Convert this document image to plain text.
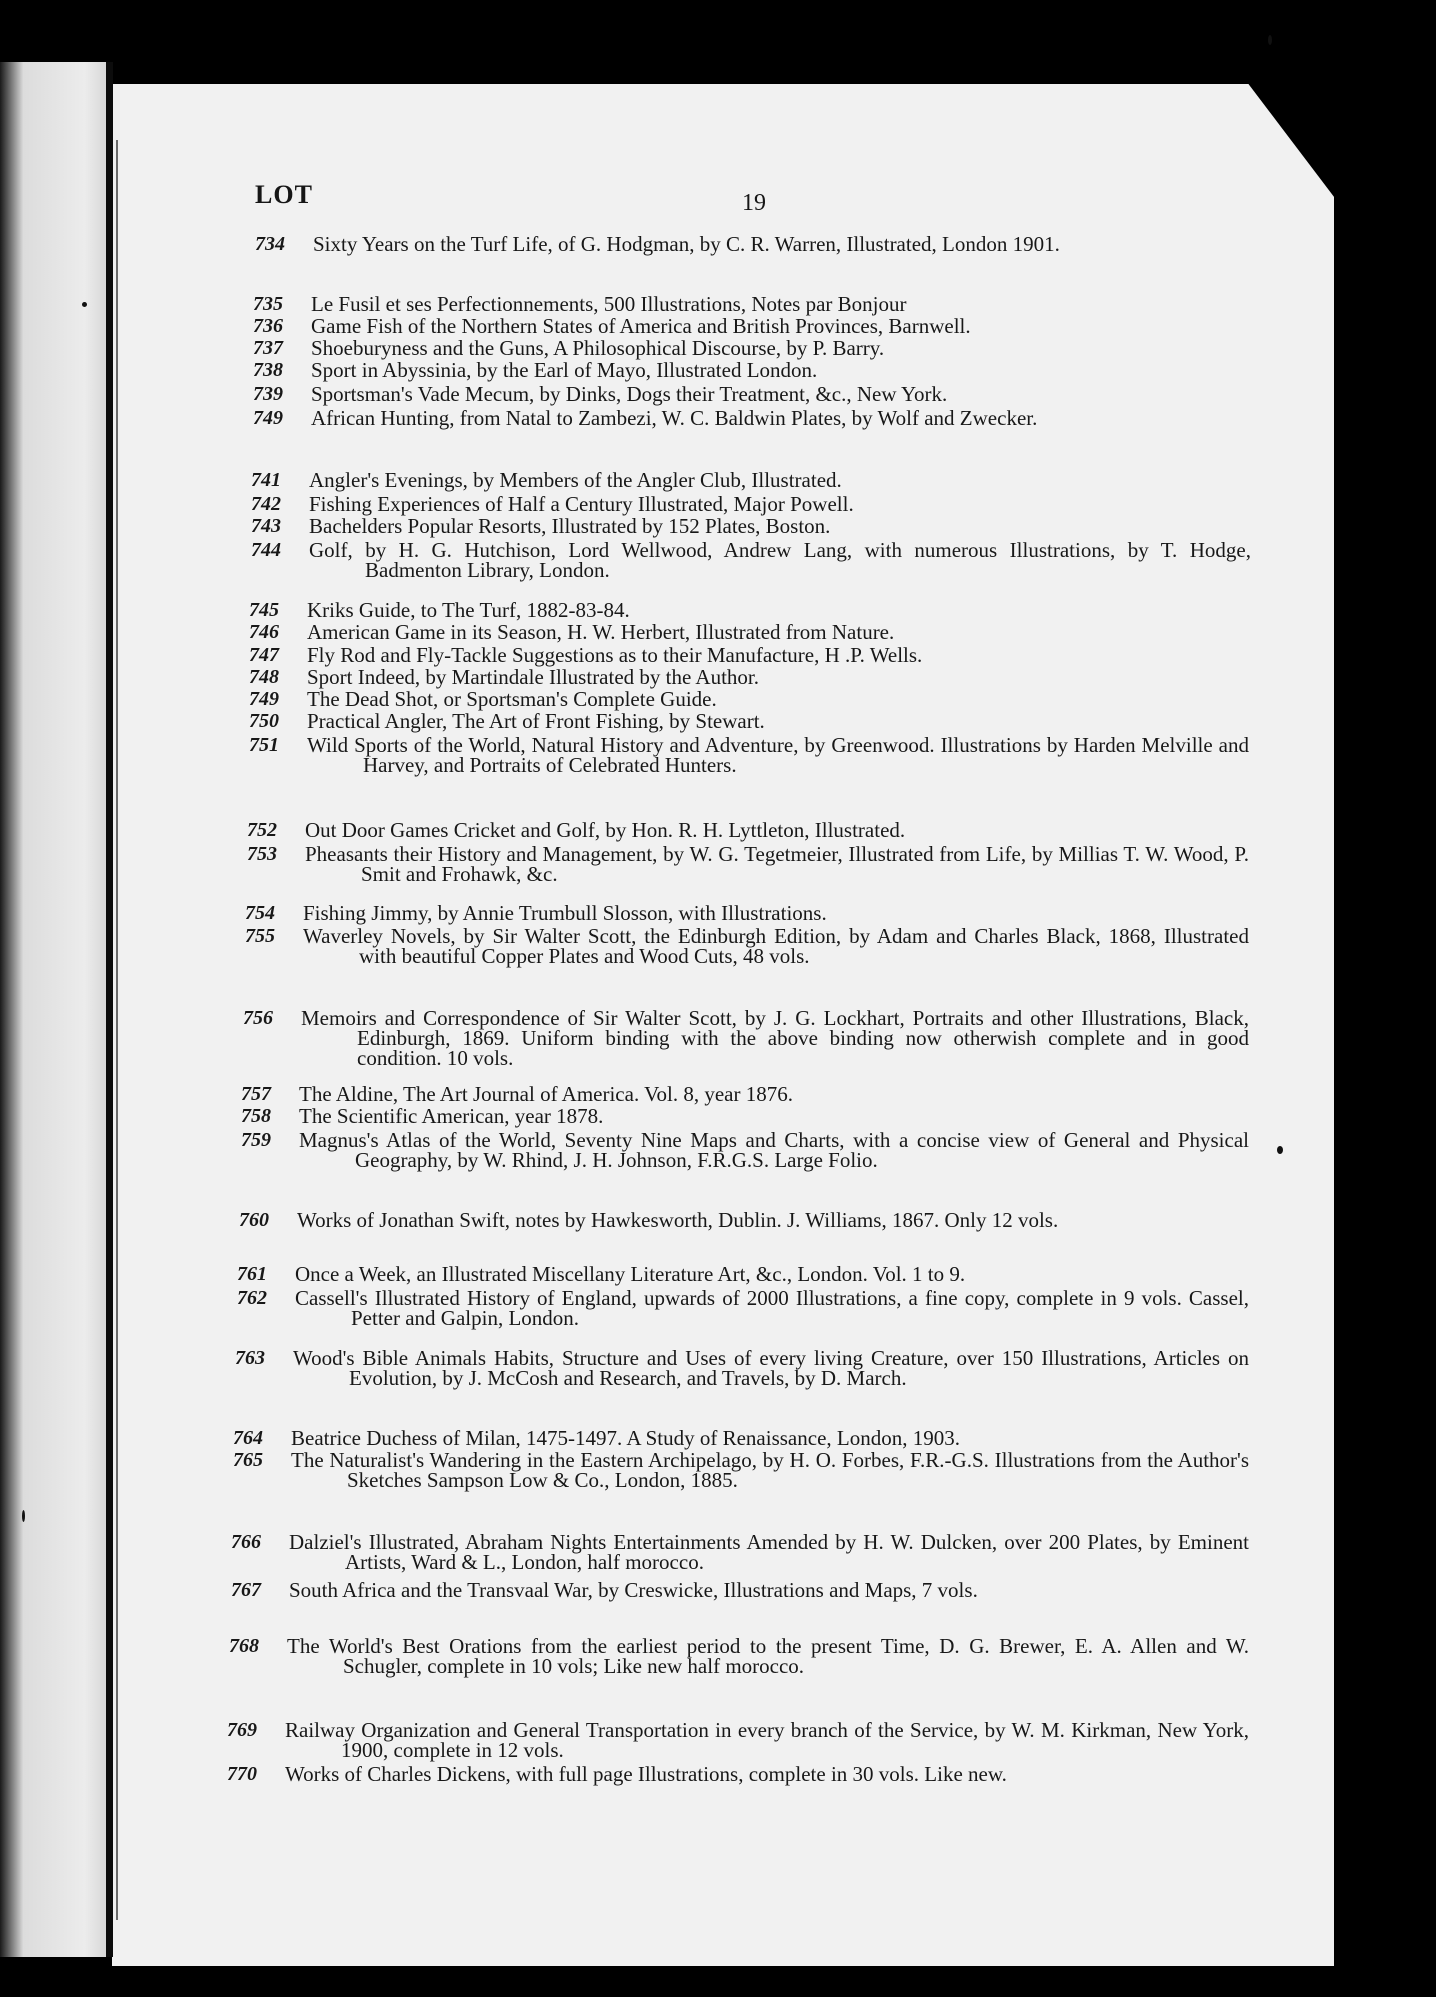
LOT	19
734	Sixty Years on the Turf Life, of G. Hodgman, by C. R. Warren, Illustrated, London 1901.
735	Le Fusil et ses Perfectionnements, 500 Illustrations, Notes par Bonjour
736	Game Fish of the Northern States of America and British Provinces, Barnwell.
737	Shoeburyness and the Guns, A Philosophical Discourse, by P. Barry.
738	Sport in Abyssinia, by the Earl of Mayo, Illustrated London.
739	Sportsman's Vade Mecum, by Dinks, Dogs their Treatment, &c., New York.
749	African Hunting, from Natal to Zambezi, W. C. Baldwin Plates, by Wolf and Zwecker.
741	Angler's Evenings, by Members of the Angler Club, Illustrated.
742	Fishing Experiences of Half a Century Illustrated, Major Powell.
743	Bachelders Popular Resorts, Illustrated by 152 Plates, Boston.
744	Golf, by H. G. Hutchison, Lord Wellwood, Andrew Lang, with numerous Illustrations, by T. Hodge, Badmenton Library, London.
745	Kriks Guide, to The Turf, 1882-83-84.
746	American Game in its Season, H. W. Herbert, Illustrated from Nature.
747	Fly Rod and Fly-Tackle Suggestions as to their Manufacture, H .P. Wells.
748	Sport Indeed, by Martindale Illustrated by the Author.
749	The Dead Shot, or Sportsman's Complete Guide.
750	Practical Angler, The Art of Front Fishing, by Stewart.
751	Wild Sports of the World, Natural History and Adventure, by Greenwood. Illustrations by Harden Melville and Harvey, and Portraits of Celebrated Hunters.
752	Out Door Games Cricket and Golf, by Hon. R. H. Lyttleton, Illustrated.
753	Pheasants their History and Management, by W. G. Tegetmeier, Illustrated from Life, by Millias T. W. Wood, P. Smit and Frohawk, &c.
754	Fishing Jimmy, by Annie Trumbull Slosson, with Illustrations.
755	Waverley Novels, by Sir Walter Scott, the Edinburgh Edition, by Adam and Charles Black, 1868, Illustrated with beautiful Copper Plates and Wood Cuts, 48 vols.
756	Memoirs and Correspondence of Sir Walter Scott, by J. G. Lockhart, Portraits and other Illustrations, Black, Edinburgh, 1869. Uniform binding with the above binding now otherwish complete and in good condition. 10 vols.
757	The Aldine, The Art Journal of America. Vol. 8, year 1876.
758	The Scientific American, year 1878.
759	Magnus's Atlas of the World, Seventy Nine Maps and Charts, with a concise view of General and Physical Geography, by W. Rhind, J. H. Johnson, F.R.G.S. Large Folio.
760	Works of Jonathan Swift, notes by Hawkesworth, Dublin. J. Williams, 1867. Only 12 vols.
761	Once a Week, an Illustrated Miscellany Literature Art, &c., London. Vol. 1 to 9.
762	Cassell's Illustrated History of England, upwards of 2000 Illustrations, a fine copy, complete in 9 vols. Cassel, Petter and Galpin, London.
763	Wood's Bible Animals Habits, Structure and Uses of every living Creature, over 150 Illustrations, Articles on Evolution, by J. McCosh and Research, and Travels, by D. March.
764	Beatrice Duchess of Milan, 1475-1497. A Study of Renaissance, London, 1903.
765	The Naturalist's Wandering in the Eastern Archipelago, by H. O. Forbes, F.R.-G.S. Illustrations from the Author's Sketches Sampson Low & Co., London, 1885.
766	Dalziel's Illustrated, Abraham Nights Entertainments Amended by H. W. Dulcken, over 200 Plates, by Eminent Artists, Ward & L., London, half morocco.
767	South Africa and the Transvaal War, by Creswicke, Illustrations and Maps, 7 vols.
768	The World's Best Orations from the earliest period to the present Time, D. G. Brewer, E. A. Allen and W. Schugler, complete in 10 vols; Like new half morocco.
769	Railway Organization and General Transportation in every branch of the Service, by W. M. Kirkman, New York, 1900, complete in 12 vols.
770	Works of Charles Dickens, with full page Illustrations, complete in 30 vols. Like new.
